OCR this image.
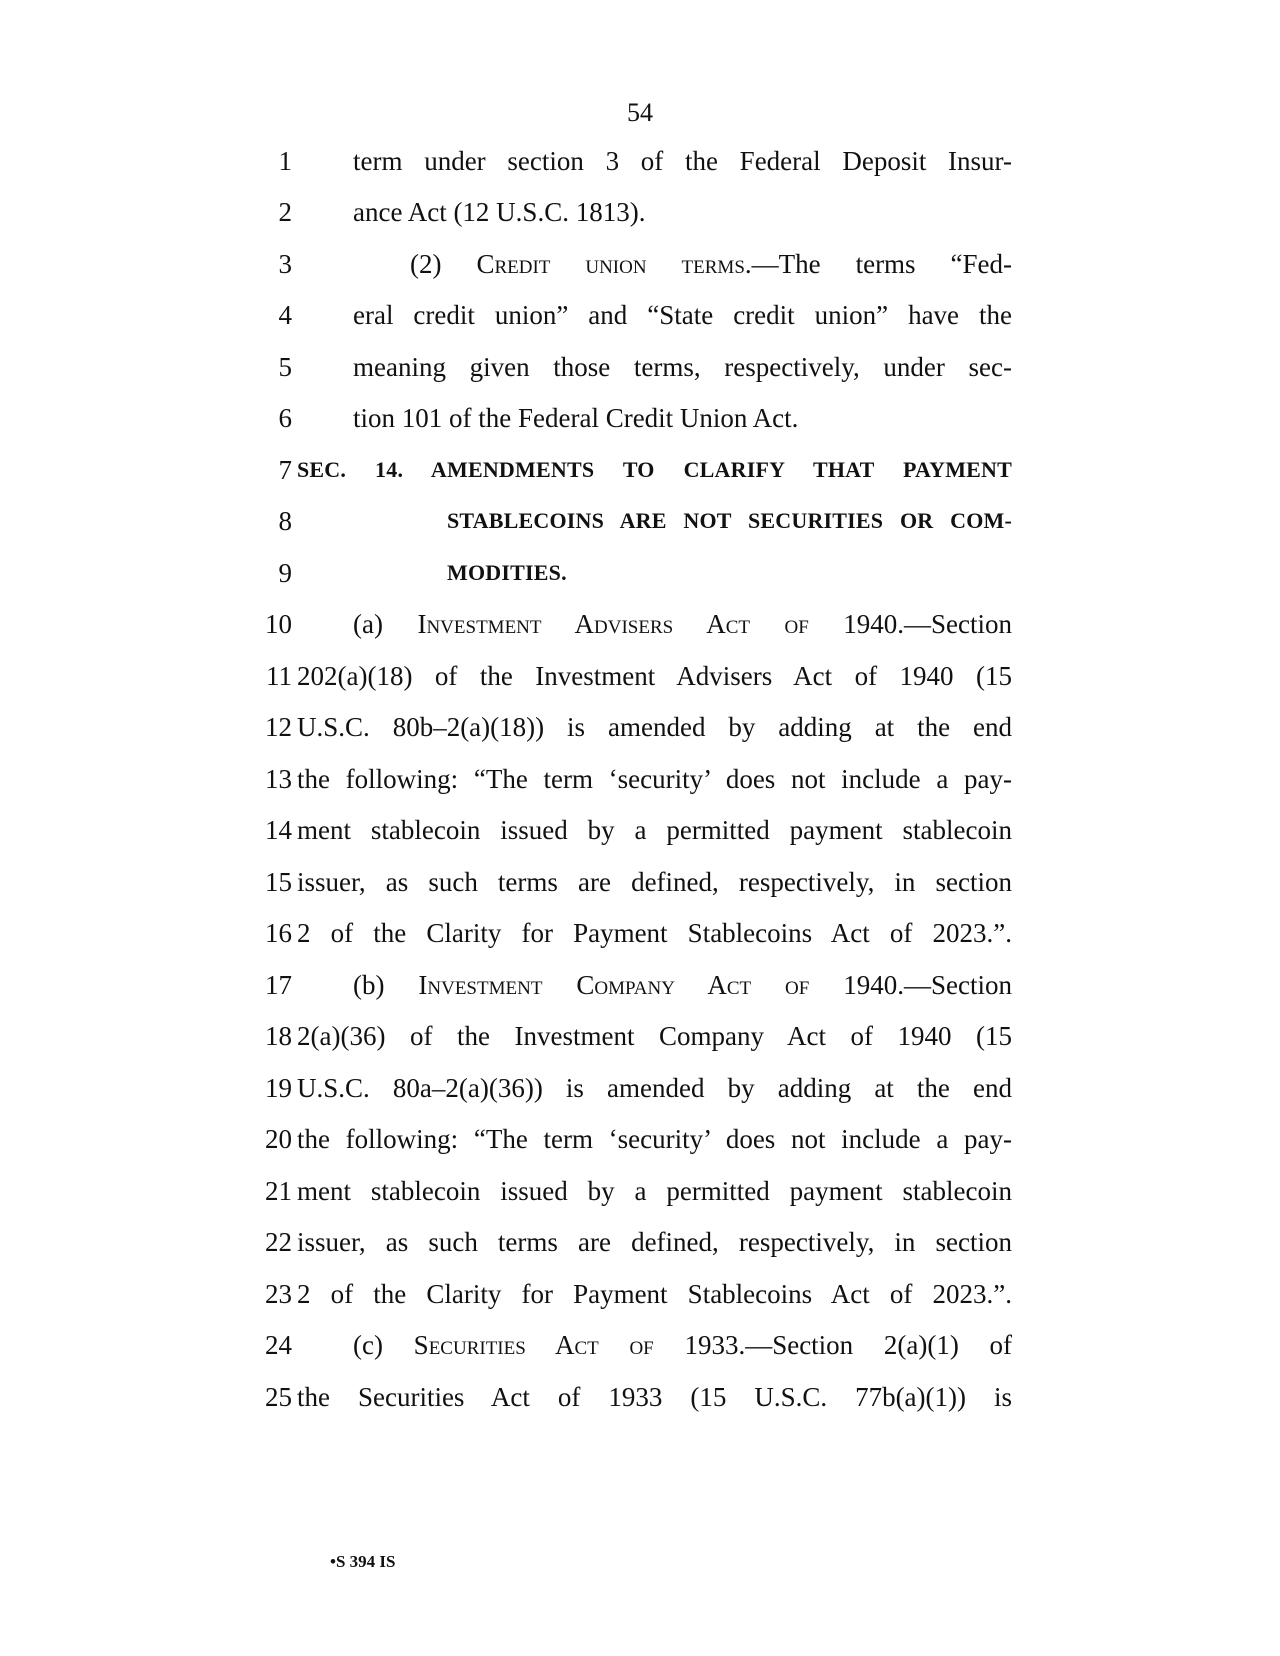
54
1 term under section 3 of the Federal Deposit Insur-
2 ance Act (12 U.S.C. 1813).
3	(2) Credit union terms.—The terms “Fed-
4 eral credit union” and “State credit union” have the
5 meaning given those terms, respectively, under sec-
6 tion 101 of the Federal Credit Union Act.
7 SEC. 14. AMENDMENTS TO CLARIFY THAT PAYMENT
8	STABLECOINS ARE NOT SECURITIES OR COM-
9	MODITIES.
10 (a) Investment Advisers Act of 1940.—Section
11 202(a)(18) of the Investment Advisers Act of 1940 (15
12 U.S.C. 80b–2(a)(18)) is amended by adding at the end
13 the following: “The term ‘security’ does not include a pay-
14 ment stablecoin issued by a permitted payment stablecoin
15 issuer, as such terms are defined, respectively, in section
16 2 of the Clarity for Payment Stablecoins Act of 2023.”.
17 (b) Investment Company Act of 1940.—Section
18 2(a)(36) of the Investment Company Act of 1940 (15
19 U.S.C. 80a–2(a)(36)) is amended by adding at the end
20 the following: “The term ‘security’ does not include a pay-
21 ment stablecoin issued by a permitted payment stablecoin
22 issuer, as such terms are defined, respectively, in section
23 2 of the Clarity for Payment Stablecoins Act of 2023.”.
24 (c) Securities Act of 1933.—Section 2(a)(1) of
25 the Securities Act of 1933 (15 U.S.C. 77b(a)(1)) is
•S 394 IS
